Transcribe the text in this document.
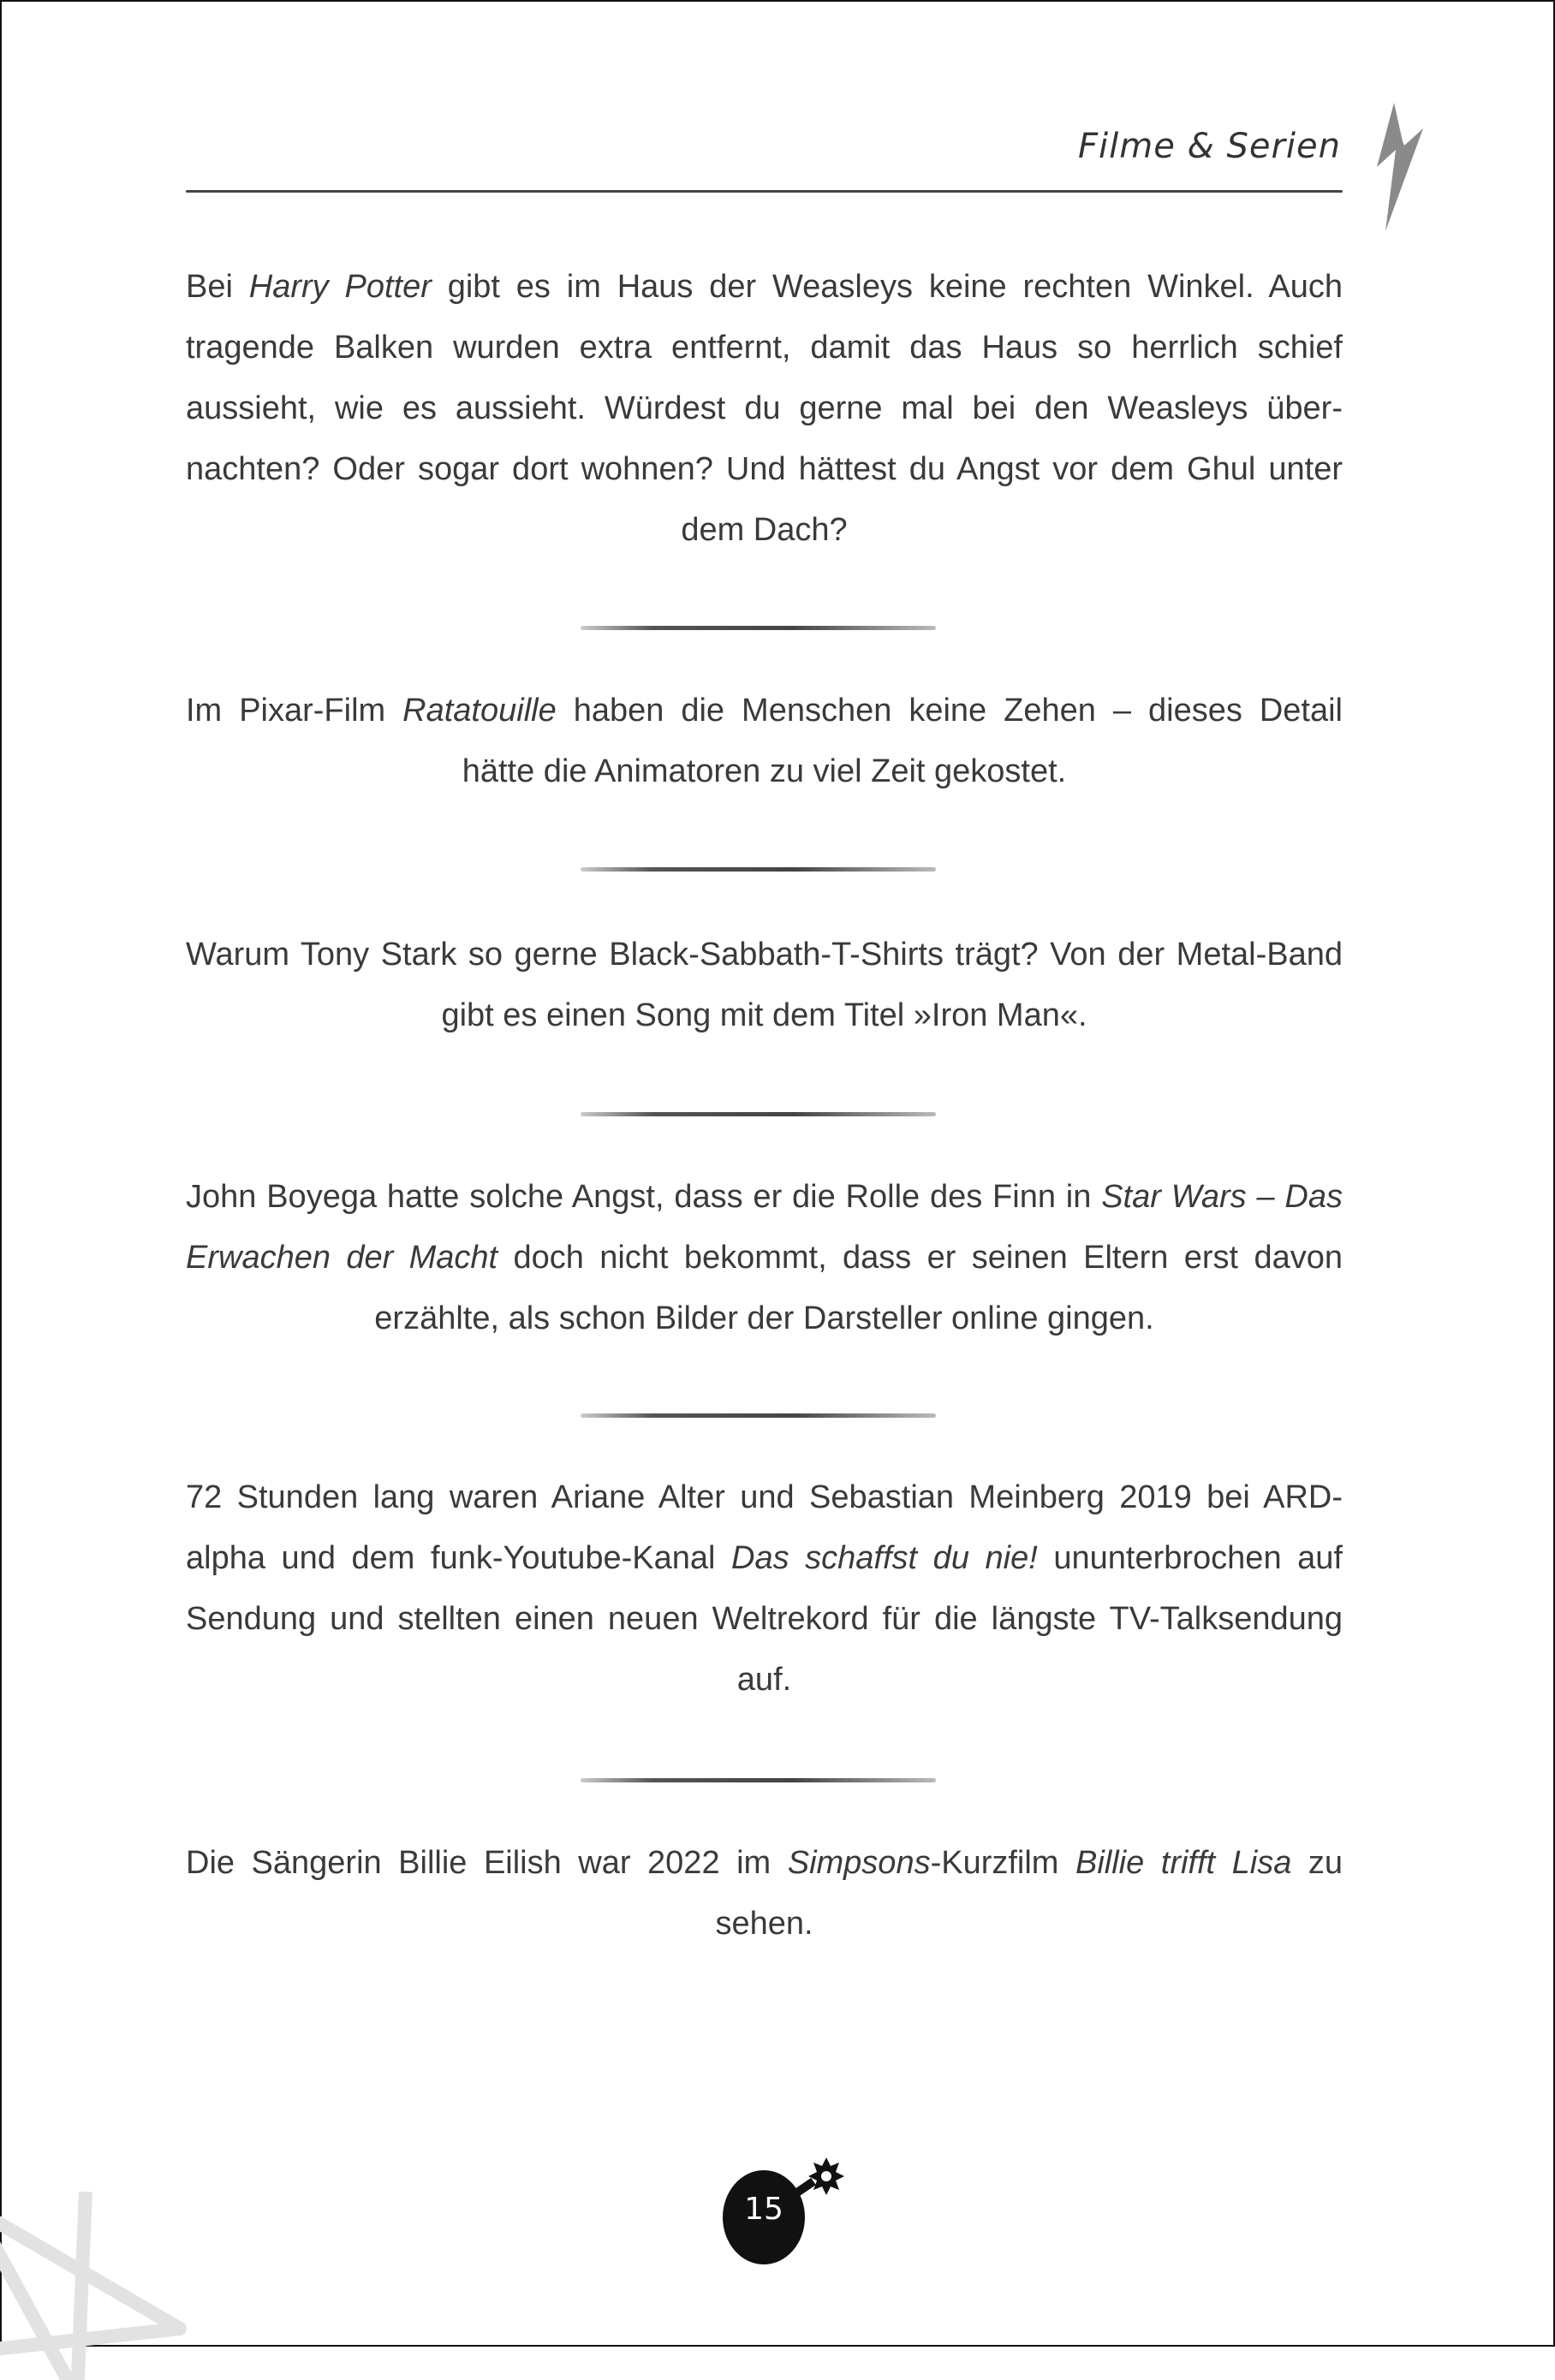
Filme & Serien
Bei Harry Potter gibt es im Haus der Weasleys keine rechten Winkel. Auch tragende Balken wurden extra entfernt, damit das Haus so herrlich schief aussieht, wie es aussieht. Würdest du gerne mal bei den Weasleys übernachten? Oder sogar dort wohnen? Und hättest du Angst vor dem Ghul unter dem Dach?
Im Pixar-Film Ratatouille haben die Menschen keine Zehen – dieses Detail hätte die Animatoren zu viel Zeit gekostet.
Warum Tony Stark so gerne Black-Sabbath-T-Shirts trägt? Von der Metal-Band gibt es einen Song mit dem Titel »Iron Man«.
John Boyega hatte solche Angst, dass er die Rolle des Finn in Star Wars – Das Erwachen der Macht doch nicht bekommt, dass er seinen Eltern erst davon erzählte, als schon Bilder der Darsteller online gingen.
72 Stunden lang waren Ariane Alter und Sebastian Meinberg 2019 bei ARD-alpha und dem funk-Youtube-Kanal Das schaffst du nie! ununterbrochen auf Sendung und stellten einen neuen Weltrekord für die längste TV-Talksendung auf.
Die Sängerin Billie Eilish war 2022 im Simpsons-Kurzfilm Billie trifft Lisa zu sehen.
15
